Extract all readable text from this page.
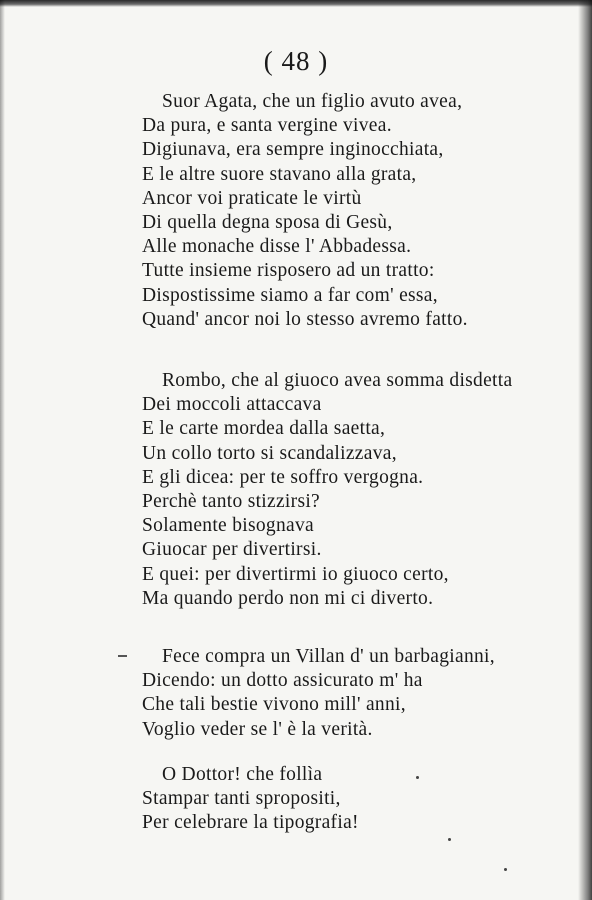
( 48 )
Suor Agata, che un figlio avuto avea,
Da pura, e santa vergine vivea.
Digiunava, era sempre inginocchiata,
E le altre suore stavano alla grata,
Ancor voi praticate le virtù
Di quella degna sposa di Gesù,
Alle monache disse l' Abbadessa.
Tutte insieme risposero ad un tratto:
Dispostissime siamo a far com' essa,
Quand' ancor noi lo stesso avremo fatto.
Rombo, che al giuoco avea somma disdetta
Dei moccoli attaccava
E le carte mordea dalla saetta,
Un collo torto si scandalizzava,
E gli dicea: per te soffro vergogna.
Perchè tanto stizzirsi?
Solamente bisognava
Giuocar per divertirsi.
E quei: per divertirmi io giuoco certo,
Ma quando perdo non mi ci diverto.
Fece compra un Villan d' un barbagianni,
Dicendo: un dotto assicurato m' ha
Che tali bestie vivono mill' anni,
Voglio veder se l' è la verità.
O Dottor! che follìa
Stampar tanti spropositi,
Per celebrare la tipografia!
